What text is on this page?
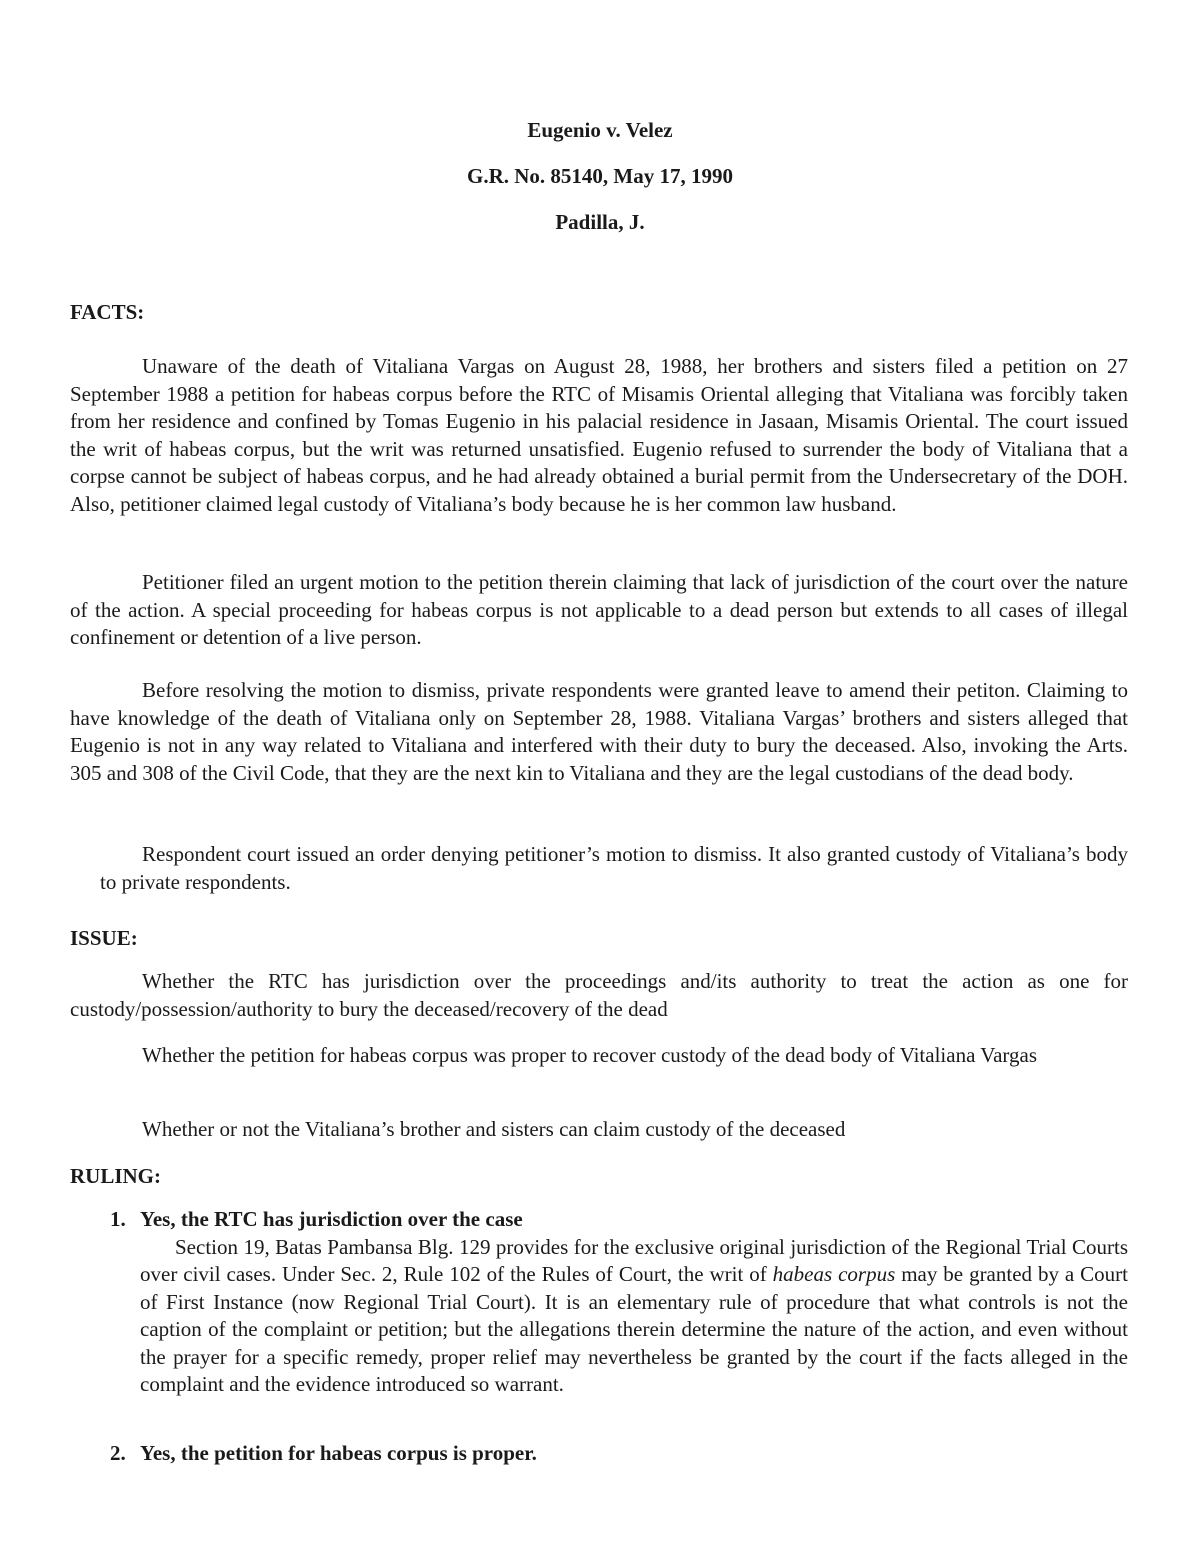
Eugenio v. Velez
G.R. No. 85140, May 17, 1990
Padilla, J.
FACTS:
Unaware of the death of Vitaliana Vargas on August 28, 1988, her brothers and sisters filed a petition on 27 September 1988 a petition for habeas corpus before the RTC of Misamis Oriental alleging that Vitaliana was forcibly taken from her residence and confined by Tomas Eugenio in his palacial residence in Jasaan, Misamis Oriental. The court issued the writ of habeas corpus, but the writ was returned unsatisfied. Eugenio refused to surrender the body of Vitaliana that a corpse cannot be subject of habeas corpus, and he had already obtained a burial permit from the Undersecretary of the DOH. Also, petitioner claimed legal custody of Vitaliana’s body because he is her common law husband.
Petitioner filed an urgent motion to the petition therein claiming that lack of jurisdiction of the court over the nature of the action. A special proceeding for habeas corpus is not applicable to a dead person but extends to all cases of illegal confinement or detention of a live person.
Before resolving the motion to dismiss, private respondents were granted leave to amend their petiton. Claiming to have knowledge of the death of Vitaliana only on September 28, 1988. Vitaliana Vargas’ brothers and sisters alleged that Eugenio is not in any way related to Vitaliana and interfered with their duty to bury the deceased. Also, invoking the Arts. 305 and 308 of the Civil Code, that they are the next kin to Vitaliana and they are the legal custodians of the dead body.
Respondent court issued an order denying petitioner’s motion to dismiss. It also granted custody of Vitaliana’s body to private respondents.
ISSUE:
Whether the RTC has jurisdiction over the proceedings and/its authority to treat the action as one for custody/possession/authority to bury the deceased/recovery of the dead
Whether the petition for habeas corpus was proper to recover custody of the dead body of Vitaliana Vargas
Whether or not the Vitaliana’s brother and sisters can claim custody of the deceased
RULING:
1. Yes, the RTC has jurisdiction over the case
Section 19, Batas Pambansa Blg. 129 provides for the exclusive original jurisdiction of the Regional Trial Courts over civil cases. Under Sec. 2, Rule 102 of the Rules of Court, the writ of habeas corpus may be granted by a Court of First Instance (now Regional Trial Court). It is an elementary rule of procedure that what controls is not the caption of the complaint or petition; but the allegations therein determine the nature of the action, and even without the prayer for a specific remedy, proper relief may nevertheless be granted by the court if the facts alleged in the complaint and the evidence introduced so warrant.
2. Yes, the petition for habeas corpus is proper.
